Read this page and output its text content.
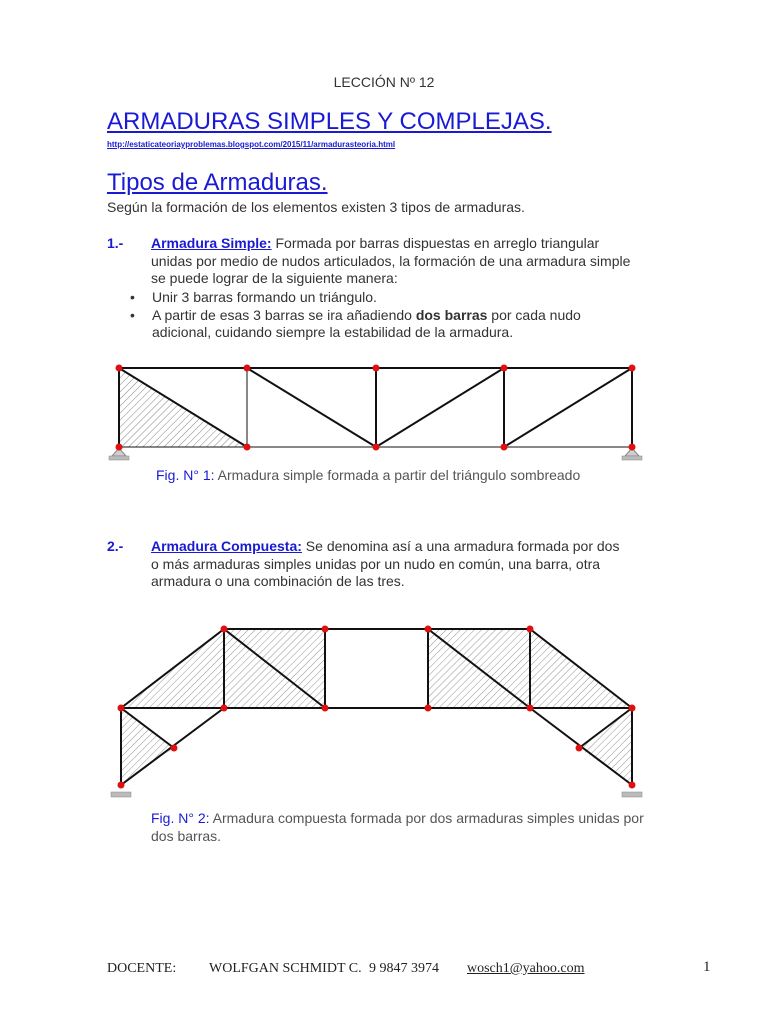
LECCIÓN Nº 12
ARMADURAS SIMPLES Y COMPLEJAS.
http://estaticateoriayproblemas.blogspot.com/2015/11/armadurasteoria.html
Tipos de Armaduras.
Según la formación de los elementos existen 3 tipos de armaduras.
1.- Armadura Simple: Formada por barras dispuestas en arreglo triangular unidas por medio de nudos articulados, la formación de una armadura simple se puede lograr de la siguiente manera:
• Unir 3 barras formando un triángulo.
• A partir de esas 3 barras se ira añadiendo dos barras por cada nudo adicional, cuidando siempre la estabilidad de la armadura.
Fig. N° 1: Armadura simple formada a partir del triángulo sombreado
2.- Armadura Compuesta: Se denomina así a una armadura formada por dos o más armaduras simples unidas por un nudo en común, una barra, otra armadura o una combinación de las tres.
Fig. N° 2: Armadura compuesta formada por dos armaduras simples unidas por dos barras.
DOCENTE: WOLFGAN SCHMIDT C. 9 9847 3974 wosch1@yahoo.com	1
